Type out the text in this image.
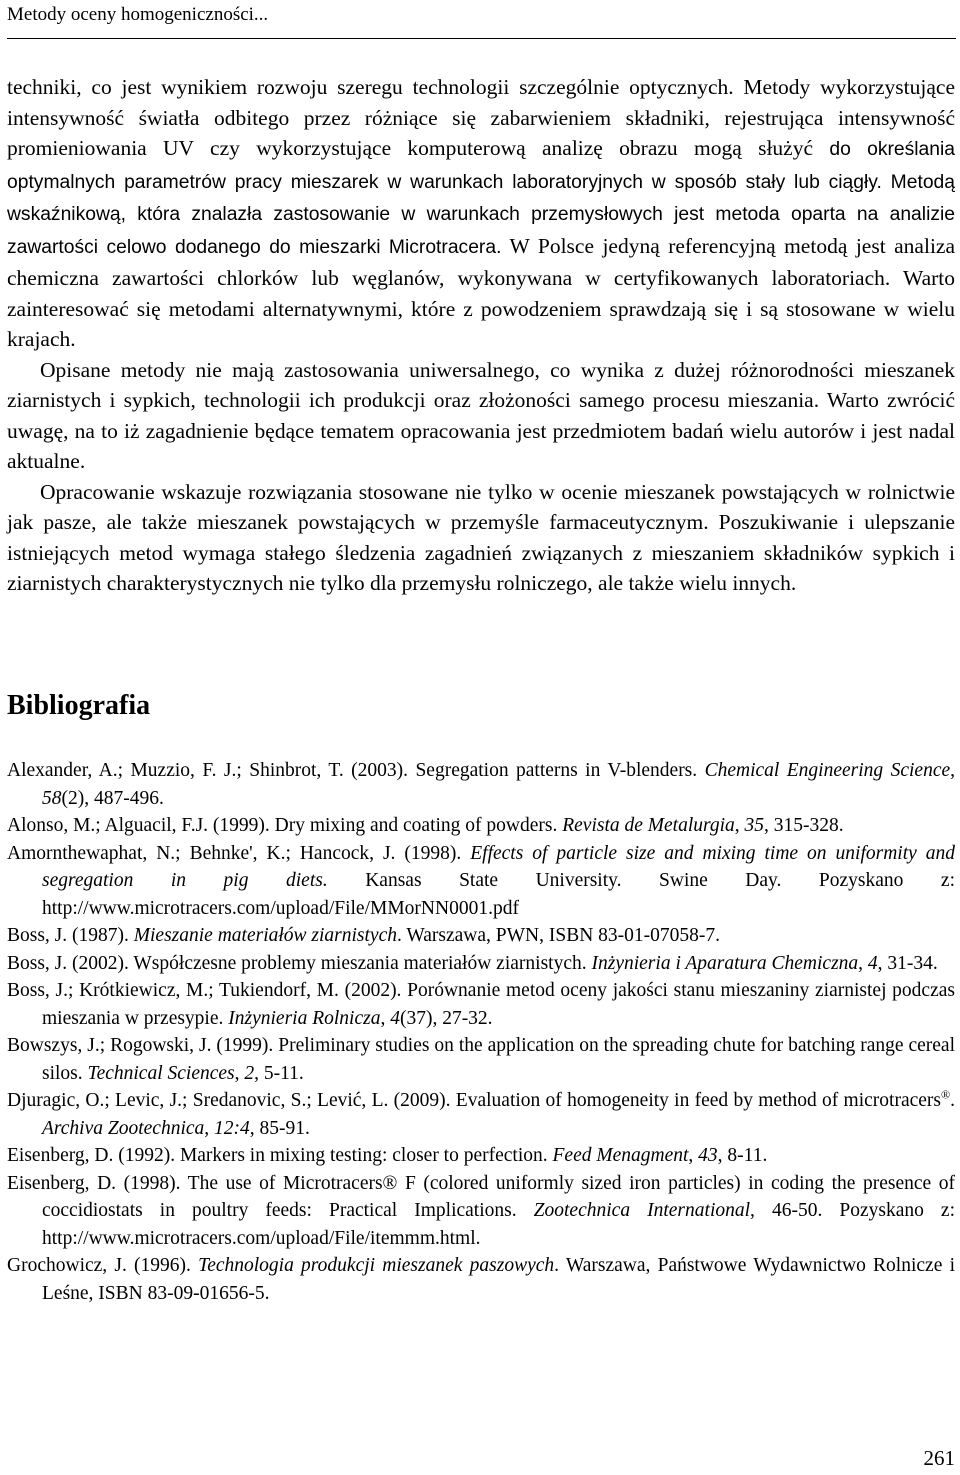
Metody oceny homogeniczności...

techniki, co jest wynikiem rozwoju szeregu technologii szczególnie optycznych. Metody wykorzystujące intensywność światła odbitego przez różniące się zabarwieniem składniki, rejestrująca intensywność promieniowania UV czy wykorzystujące komputerową analizę obrazu mogą służyć do określania optymalnych parametrów pracy mieszarek w warunkach laboratoryjnych w sposób stały lub ciągły. Metodą wskaźnikową, która znalazła zastosowanie w warunkach przemysłowych jest metoda oparta na analizie zawartości celowo dodanego do mieszarki Microtracera. W Polsce jedyną referencyjną metodą jest analiza chemiczna zawartości chlorków lub węglanów, wykonywana w certyfikowanych laboratoriach. Warto zainteresować się metodami alternatywnymi, które z powodzeniem sprawdzają się i są stosowane w wielu krajach.

Opisane metody nie mają zastosowania uniwersalnego, co wynika z dużej różnorodności mieszanek ziarnistych i sypkich, technologii ich produkcji oraz złożoności samego procesu mieszania. Warto zwrócić uwagę, na to iż zagadnienie będące tematem opracowania jest przedmiotem badań wielu autorów i jest nadal aktualne.

Opracowanie wskazuje rozwiązania stosowane nie tylko w ocenie mieszanek powstających w rolnictwie jak pasze, ale także mieszanek powstających w przemyśle farmaceutycznym. Poszukiwanie i ulepszanie istniejących metod wymaga stałego śledzenia zagadnień związanych z mieszaniem składników sypkich i ziarnistych charakterystycznych nie tylko dla przemysłu rolniczego, ale także wielu innych.

Bibliografia
Alexander, A.; Muzzio, F. J.; Shinbrot, T. (2003). Segregation patterns in V-blenders. Chemical Engineering Science, 58(2), 487-496.
Alonso, M.; Alguacil, F.J. (1999). Dry mixing and coating of powders. Revista de Metalurgia, 35, 315-328.
Amornthewaphat, N.; Behnke', K.; Hancock, J. (1998). Effects of particle size and mixing time on uniformity and segregation in pig diets. Kansas State University. Swine Day. Pozyskano z: http://www.microtracers.com/upload/File/MMorNN0001.pdf
Boss, J. (1987). Mieszanie materiałów ziarnistych. Warszawa, PWN, ISBN 83-01-07058-7.
Boss, J. (2002). Współczesne problemy mieszania materiałów ziarnistych. Inżynieria i Aparatura Chemiczna, 4, 31-34.
Boss, J.; Krótkiewicz, M.; Tukiendorf, M. (2002). Porównanie metod oceny jakości stanu mieszaniny ziarnistej podczas mieszania w przesypie. Inżynieria Rolnicza, 4(37), 27-32.
Bowszys, J.; Rogowski, J. (1999). Preliminary studies on the application on the spreading chute for batching range cereal silos. Technical Sciences, 2, 5-11.
Djuragic, O.; Levic, J.; Sredanovic, S.; Lević, L. (2009). Evaluation of homogeneity in feed by method of microtracers®. Archiva Zootechnica, 12:4, 85-91.
Eisenberg, D. (1992). Markers in mixing testing: closer to perfection. Feed Menagment, 43, 8-11.
Eisenberg, D. (1998). The use of Microtracers® F (colored uniformly sized iron particles) in coding the presence of coccidiostats in poultry feeds: Practical Implications. Zootechnica International, 46-50. Pozyskano z: http://www.microtracers.com/upload/File/itemmm.html.
Grochowicz, J. (1996). Technologia produkcji mieszanek paszowych. Warszawa, Państwowe Wydawnictwo Rolnicze i Leśne, ISBN 83-09-01656-5.
261
